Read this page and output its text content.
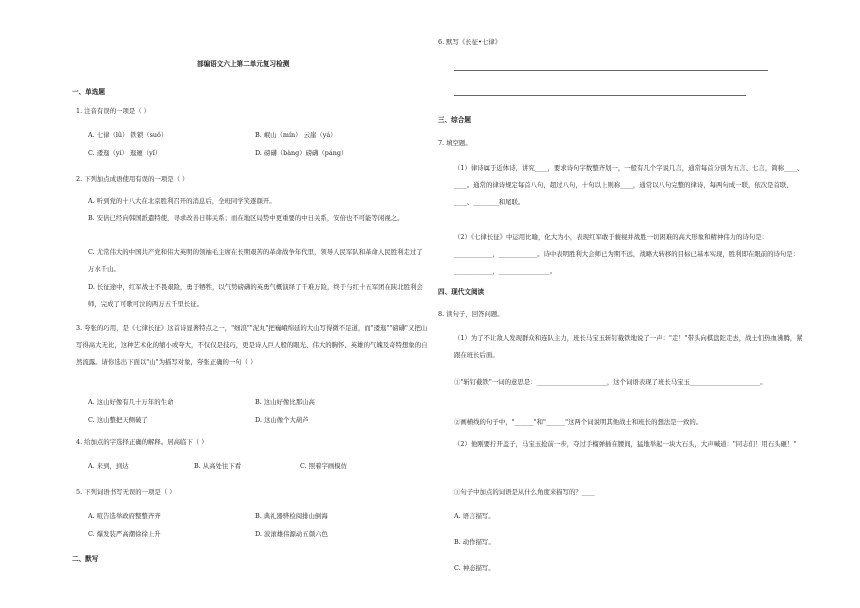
部编语文六上第二单元复习检测
一、单选题
1. 注音有误的一项是（ ）
A. 七律（lǜ） 铁锁（suǒ）	B. 岷山（mín） 云崖（yá）
C. 逶迤（yí） 迤逦（yǐ）	D. 磅礴（bàng）磅礴（páng）
2. 下列加点成语使用有误的一项是（ ）
A. 听到党的十八大在北京胜利召开的消息后，全班同学笑逐颜开。
B. 安倍已经向韩国派遣特使，寻求改善日韩关系；而在地区局势中更重要的中日关系，安倍也不可能等闲视之。
C. 尤常伟大的中国共产党和伟大英明的领袖毛主席在长期艰苦的革命战争年代里，领导人民军队和革命人民胜利走过了万水千山。
D. 长征途中，红军战士不畏艰险，勇于牺牲，以气势磅礴的英勇气概演绎了千难万险，终于与红十五军团在陕北胜利会师，完成了可歌可泣的两万五千里长征。
3. 夸张的巧用，是《七律长征》这首诗显著特点之一，"细浪""泥丸"把巍峨绵延的大山写得微不足道，而"逶迤""磅礴"又把山写得高大无比，这种艺术化的缩小或夸大，不仅仅是技巧，更是诗人巨人般的眼光、伟大的胸怀、英雄的气魄及奇特想象的自然流露。请你选出下面以"山"为描写对象，夸张正确的一句（ ）
A. 这山好像有几十万年的生命	B. 这山好像比那山高
C. 这山整把天侧破了	D. 这山像个大葫芦
4. 给加点的字选择正确的解释。居高临下（ ）
A. 来到，到达	B. 从高处往下看	C. 照着字画模仿
5. 下列词语书写无误的一项是（ ）
A. 喧告选举政府整整齐齐	B. 典礼器骅检阅排山倒海
C. 爆发装严高潮徐徐上升	D. 波滚雄伟源动五颜六色
二、默写
6. 默写《长征•七律》
三、综合题
7. 填空题。
（1）律诗属于近体诗，讲究____，要求诗句字数整齐划一，一般有几个字说几言，通常每首分别为五言、七言，简称____、____。通常的律诗规定每首八句，超过八句，十句以上则称____，通常以八句完整的律诗，每两句成一联，依次是首联、____、________和尾联。
（2）《七律长征》中运用比喻，化大为小，表现红军敢于藐视并战胜一切困难的高大形象和精神伟力的诗句是：____________，____________。诗中表明胜利大会师已为期不远，战略大转移的目标已基本实现，胜利即在眼前的诗句是：____________，________________。
四、现代文阅读
8. 读句子，回答问题。
（1）为了不让敌人发现群众和连队主力，班长马宝玉斩钉截铁地说了一声："走！"带头向棋盘陀走去，战士们热血沸腾，紧跟在班长后面。
①"斩钉截铁"一词的意思是：______________________，这个词语表现了班长马宝玉______________________。
②画横线的句子中，"______"和"______"这两个词说明其他战士和班长的想法是一致的。
（2）他刚要拧开盖子，马宝玉抢前一步，夺过手榴弹插在腰间，猛地举起一块大石头，大声喊道："同志们！用石头砸！"
①句子中加点的词语是从什么角度来描写的？____
A. 语言描写。
B. 动作描写。
C. 神态描写。
